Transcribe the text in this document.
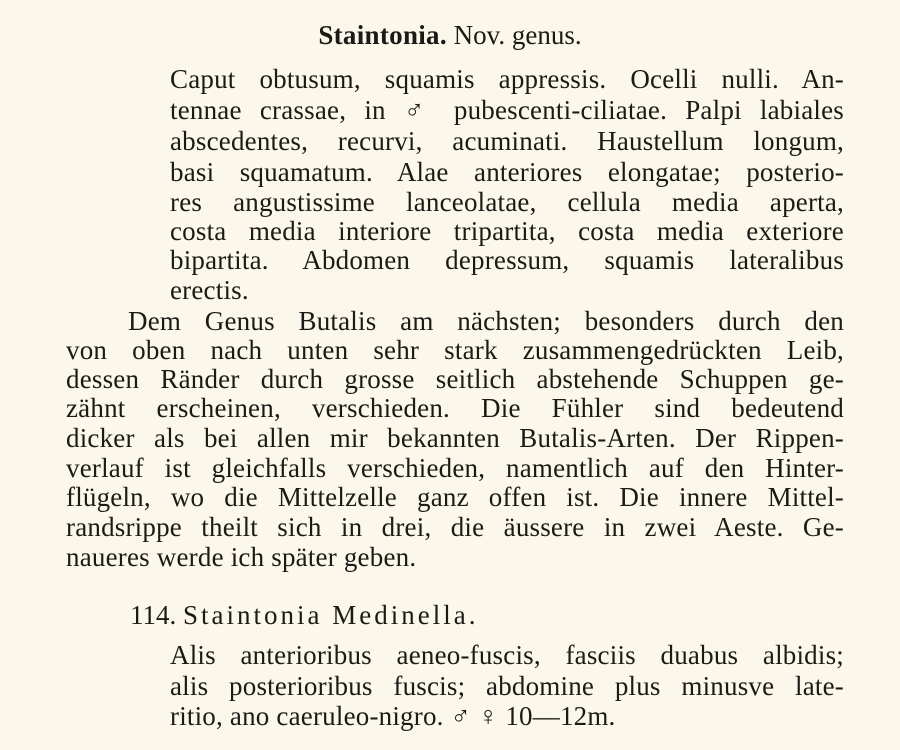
Staintonia. Nov. genus.
Caput obtusum, squamis appressis. Ocelli nulli. An-
tennae crassae, in ♂ pubescenti-ciliatae. Palpi labiales
abscedentes, recurvi, acuminati. Haustellum longum,
basi squamatum. Alae anteriores elongatae; posterio-
res angustissime lanceolatae, cellula media aperta,
costa media interiore tripartita, costa media exteriore
bipartita. Abdomen depressum, squamis lateralibus
erectis.
Dem Genus Butalis am nächsten; besonders durch den
von oben nach unten sehr stark zusammengedrückten Leib,
dessen Ränder durch grosse seitlich abstehende Schuppen ge-
zähnt erscheinen, verschieden. Die Fühler sind bedeutend
dicker als bei allen mir bekannten Butalis-Arten. Der Rippen-
verlauf ist gleichfalls verschieden, namentlich auf den Hinter-
flügeln, wo die Mittelzelle ganz offen ist. Die innere Mittel-
randsrippe theilt sich in drei, die äussere in zwei Aeste. Ge-
naueres werde ich später geben.
114. Staintonia Medinella.
Alis anterioribus aeneo-fuscis, fasciis duabus albidis;
alis posterioribus fuscis; abdomine plus minusve late-
ritio, ano caeruleo-nigro. ♂ ♀ 10—12m.
